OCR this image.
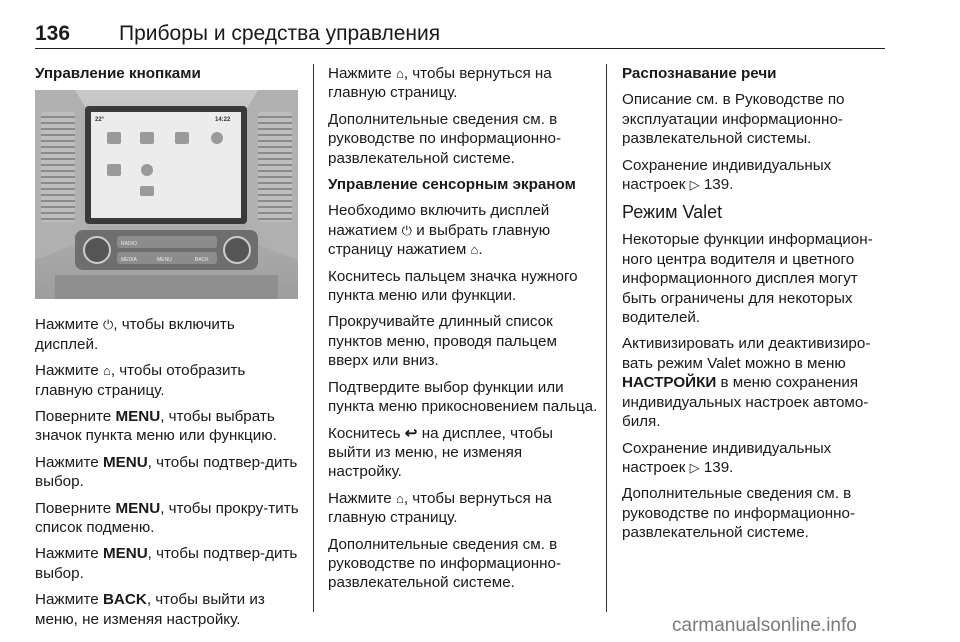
136 Приборы и средства управления

Управление кнопками

22°	14:22
RADIO
MEDIA	MENU	BACK

Нажмите ⏻, чтобы включить дисплей.

Нажмите ⌂, чтобы отобразить главную страницу.

Поверните MENU, чтобы выбрать значок пункта меню или функцию.

Нажмите MENU, чтобы подтвер-дить выбор.

Поверните MENU, чтобы прокру-тить список подменю.

Нажмите MENU, чтобы подтвер-дить выбор.

Нажмите BACK, чтобы выйти из меню, не изменяя настройку.

Нажмите ⌂, чтобы вернуться на главную страницу.

Дополнительные сведения см. в руководстве по информационно-развлекательной системе.

Управление сенсорным экраном

Необходимо включить дисплей нажатием ⏻ и выбрать главную страницу нажатием ⌂.

Коснитесь пальцем значка нужного пункта меню или функции.

Прокручивайте длинный список пунктов меню, проводя пальцем вверх или вниз.

Подтвердите выбор функции или пункта меню прикосновением пальца.

Коснитесь ↩ на дисплее, чтобы выйти из меню, не изменяя настройку.

Нажмите ⌂, чтобы вернуться на главную страницу.

Дополнительные сведения см. в руководстве по информационно-развлекательной системе.

Распознавание речи

Описание см. в Руководстве по эксплуатации информационно-развлекательной системы.

Сохранение индивидуальных настроек ▷ 139.

Режим Valet

Некоторые функции информацион-ного центра водителя и цветного информационного дисплея могут быть ограничены для некоторых водителей.

Активизировать или деактивизиро-вать режим Valet можно в меню НАСТРОЙКИ в меню сохранения индивидуальных настроек автомо-биля.

Сохранение индивидуальных настроек ▷ 139.

Дополнительные сведения см. в руководстве по информационно-развлекательной системе.

carmanualsonline.info
